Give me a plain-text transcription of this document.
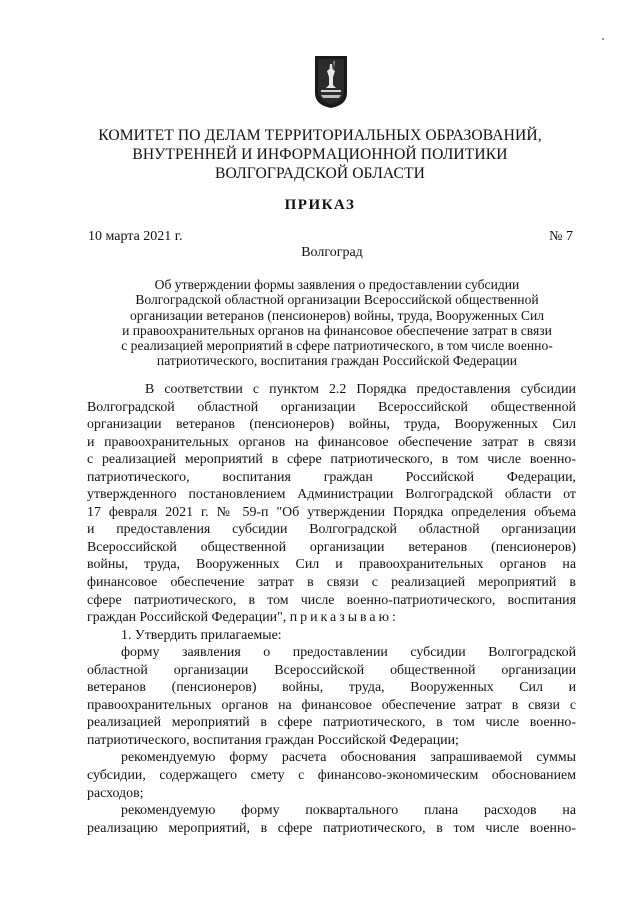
КОМИТЕТ ПО ДЕЛАМ ТЕРРИТОРИАЛЬНЫХ ОБРАЗОВАНИЙ,
ВНУТРЕННЕЙ И ИНФОРМАЦИОННОЙ ПОЛИТИКИ
ВОЛГОГРАДСКОЙ ОБЛАСТИ
ПРИКАЗ
10 марта 2021 г.	№ 7
Волгоград
Об утверждении формы заявления о предоставлении субсидии
Волгоградской областной организации Всероссийской общественной
организации ветеранов (пенсионеров) войны, труда, Вооруженных Сил
и правоохранительных органов на финансовое обеспечение затрат в связи
с реализацией мероприятий в сфере патриотического, в том числе военно-
патриотического, воспитания граждан Российской Федерации
В соответствии с пунктом 2.2 Порядка предоставления субсидии
Волгоградской областной организации Всероссийской общественной
организации ветеранов (пенсионеров) войны, труда, Вооруженных Сил
и правоохранительных органов на финансовое обеспечение затрат в связи
с реализацией мероприятий в сфере патриотического, в том числе военно-
патриотического, воспитания граждан Российской Федерации,
утвержденного постановлением Администрации Волгоградской области от
17 февраля 2021 г. № 59-п "Об утверждении Порядка определения объема
и предоставления субсидии Волгоградской областной организации
Всероссийской общественной организации ветеранов (пенсионеров)
войны, труда, Вооруженных Сил и правоохранительных органов на
финансовое обеспечение затрат в связи с реализацией мероприятий в
сфере патриотического, в том числе военно-патриотического, воспитания
граждан Российской Федерации", приказываю:
1. Утвердить прилагаемые:
форму заявления о предоставлении субсидии Волгоградской
областной организации Всероссийской общественной организации
ветеранов (пенсионеров) войны, труда, Вооруженных Сил и
правоохранительных органов на финансовое обеспечение затрат в связи с
реализацией мероприятий в сфере патриотического, в том числе военно-
патриотического, воспитания граждан Российской Федерации;
рекомендуемую форму расчета обоснования запрашиваемой суммы
субсидии, содержащего смету с финансово-экономическим обоснованием
расходов;
рекомендуемую форму поквартального плана расходов на
реализацию мероприятий, в сфере патриотического, в том числе военно-
